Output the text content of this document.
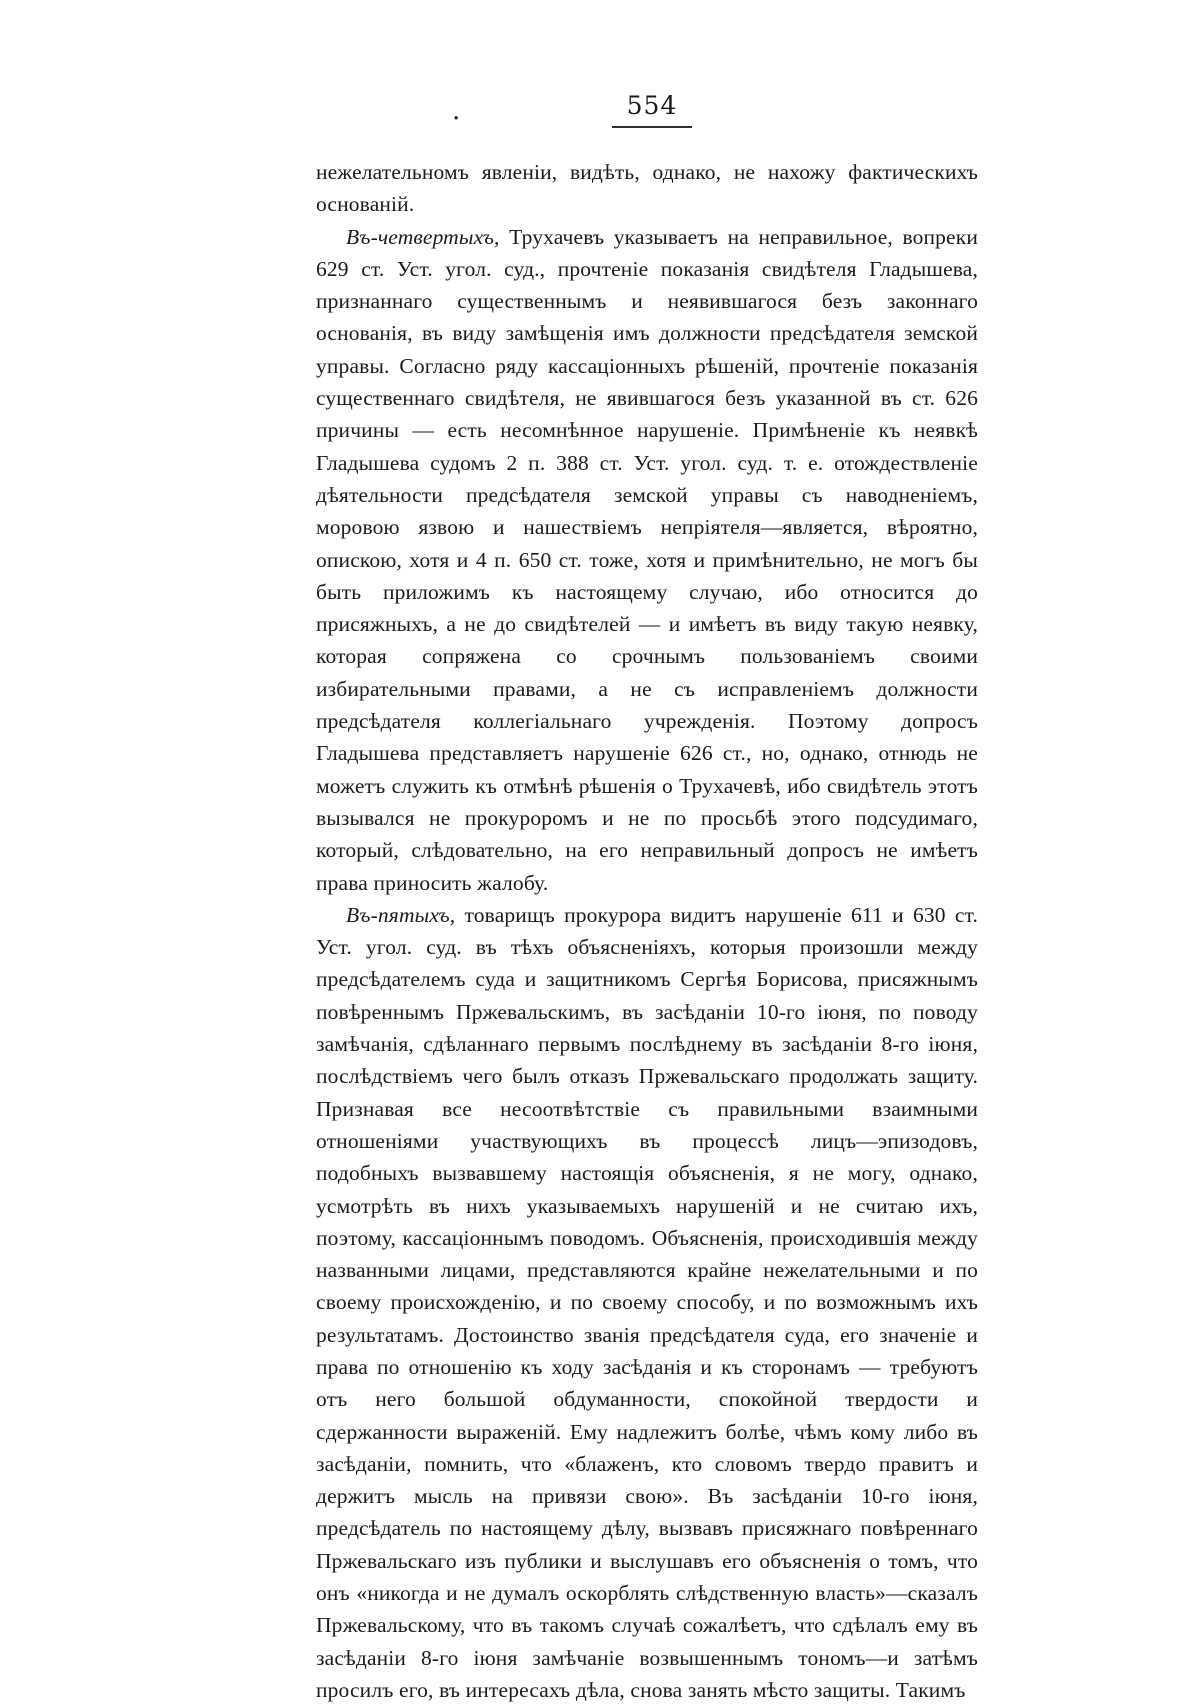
.	554

нежелательномъ явленіи, видѣть, однако, не нахожу фактическихъ основаній.

Въ-четвертыхъ, Трухачевъ указываетъ на неправильное, вопреки 629 ст. Уст. угол. суд., прочтеніе показанія свидѣтеля Гладышева, признаннаго существеннымъ и неявившагося безъ законнаго основанія, въ виду замѣщенія имъ должности предсѣдателя земской управы. Согласно ряду кассаціонныхъ рѣшеній, прочтеніе показанія существеннаго свидѣтеля, не явившагося безъ указанной въ ст. 626 причины — есть несомнѣнное нарушеніе. Примѣненіе къ неявкѣ Гладышева судомъ 2 п. 388 ст. Уст. угол. суд. т. е. отождествленіе дѣятельности предсѣдателя земской управы съ наводненіемъ, моровою язвою и нашествіемъ непріятеля—является, вѣроятно, опискою, хотя и 4 п. 650 ст. тоже, хотя и примѣнительно, не могъ бы быть приложимъ къ настоящему случаю, ибо относится до присяжныхъ, а не до свидѣтелей — и имѣетъ въ виду такую неявку, которая сопряжена со срочнымъ пользованіемъ своими избирательными правами, а не съ исправленіемъ должности предсѣдателя коллегіальнаго учрежденія. Поэтому допросъ Гладышева представляетъ нарушеніе 626 ст., но, однако, отнюдь не можетъ служить къ отмѣнѣ рѣшенія о Трухачевѣ, ибо свидѣтель этотъ вызывался не прокуроромъ и не по просьбѣ этого подсудимаго, который, слѣдовательно, на его неправильный допросъ не имѣетъ права приносить жалобу.

Въ-пятыхъ, товарищъ прокурора видитъ нарушеніе 611 и 630 ст. Уст. угол. суд. въ тѣхъ объясненіяхъ, которыя произошли между предсѣдателемъ суда и защитникомъ Сергѣя Борисова, присяжнымъ повѣреннымъ Пржевальскимъ, въ засѣданіи 10-го іюня, по поводу замѣчанія, сдѣланнаго первымъ послѣднему въ засѣданіи 8-го іюня, послѣдствіемъ чего былъ отказъ Пржевальскаго продолжать защиту. Признавая все несоотвѣтствіе съ правильными взаимными отношеніями участвующихъ въ процессѣ лицъ—эпизодовъ, подобныхъ вызвавшему настоящія объясненія, я не могу, однако, усмотрѣть въ нихъ указываемыхъ нарушеній и не считаю ихъ, поэтому, кассаціоннымъ поводомъ. Объясненія, происходившія между названными лицами, представляются крайне нежелательными и по своему происхожденію, и по своему способу, и по возможнымъ ихъ результатамъ. Достоинство званія предсѣдателя суда, его значеніе и права по отношенію къ ходу засѣданія и къ сторонамъ — требуютъ отъ него большой обдуманности, спокойной твердости и сдержанности выраженій. Ему надлежитъ болѣе, чѣмъ кому либо въ засѣданіи, помнить, что «блаженъ, кто словомъ твердо правитъ и держитъ мысль на привязи свою». Въ засѣданіи 10-го іюня, предсѣдатель по настоящему дѣлу, вызвавъ присяжнаго повѣреннаго Пржевальскаго изъ публики и выслушавъ его объясненія о томъ, что онъ «никогда и не думалъ оскорблять слѣдственную власть»—сказалъ Пржевальскому, что въ такомъ случаѣ сожалѣетъ, что сдѣлалъ ему въ засѣданіи 8-го іюня замѣчаніе возвышеннымъ тономъ—и затѣмъ просилъ его, въ интересахъ дѣла, снова занять мѣсто защиты. Такимъ
